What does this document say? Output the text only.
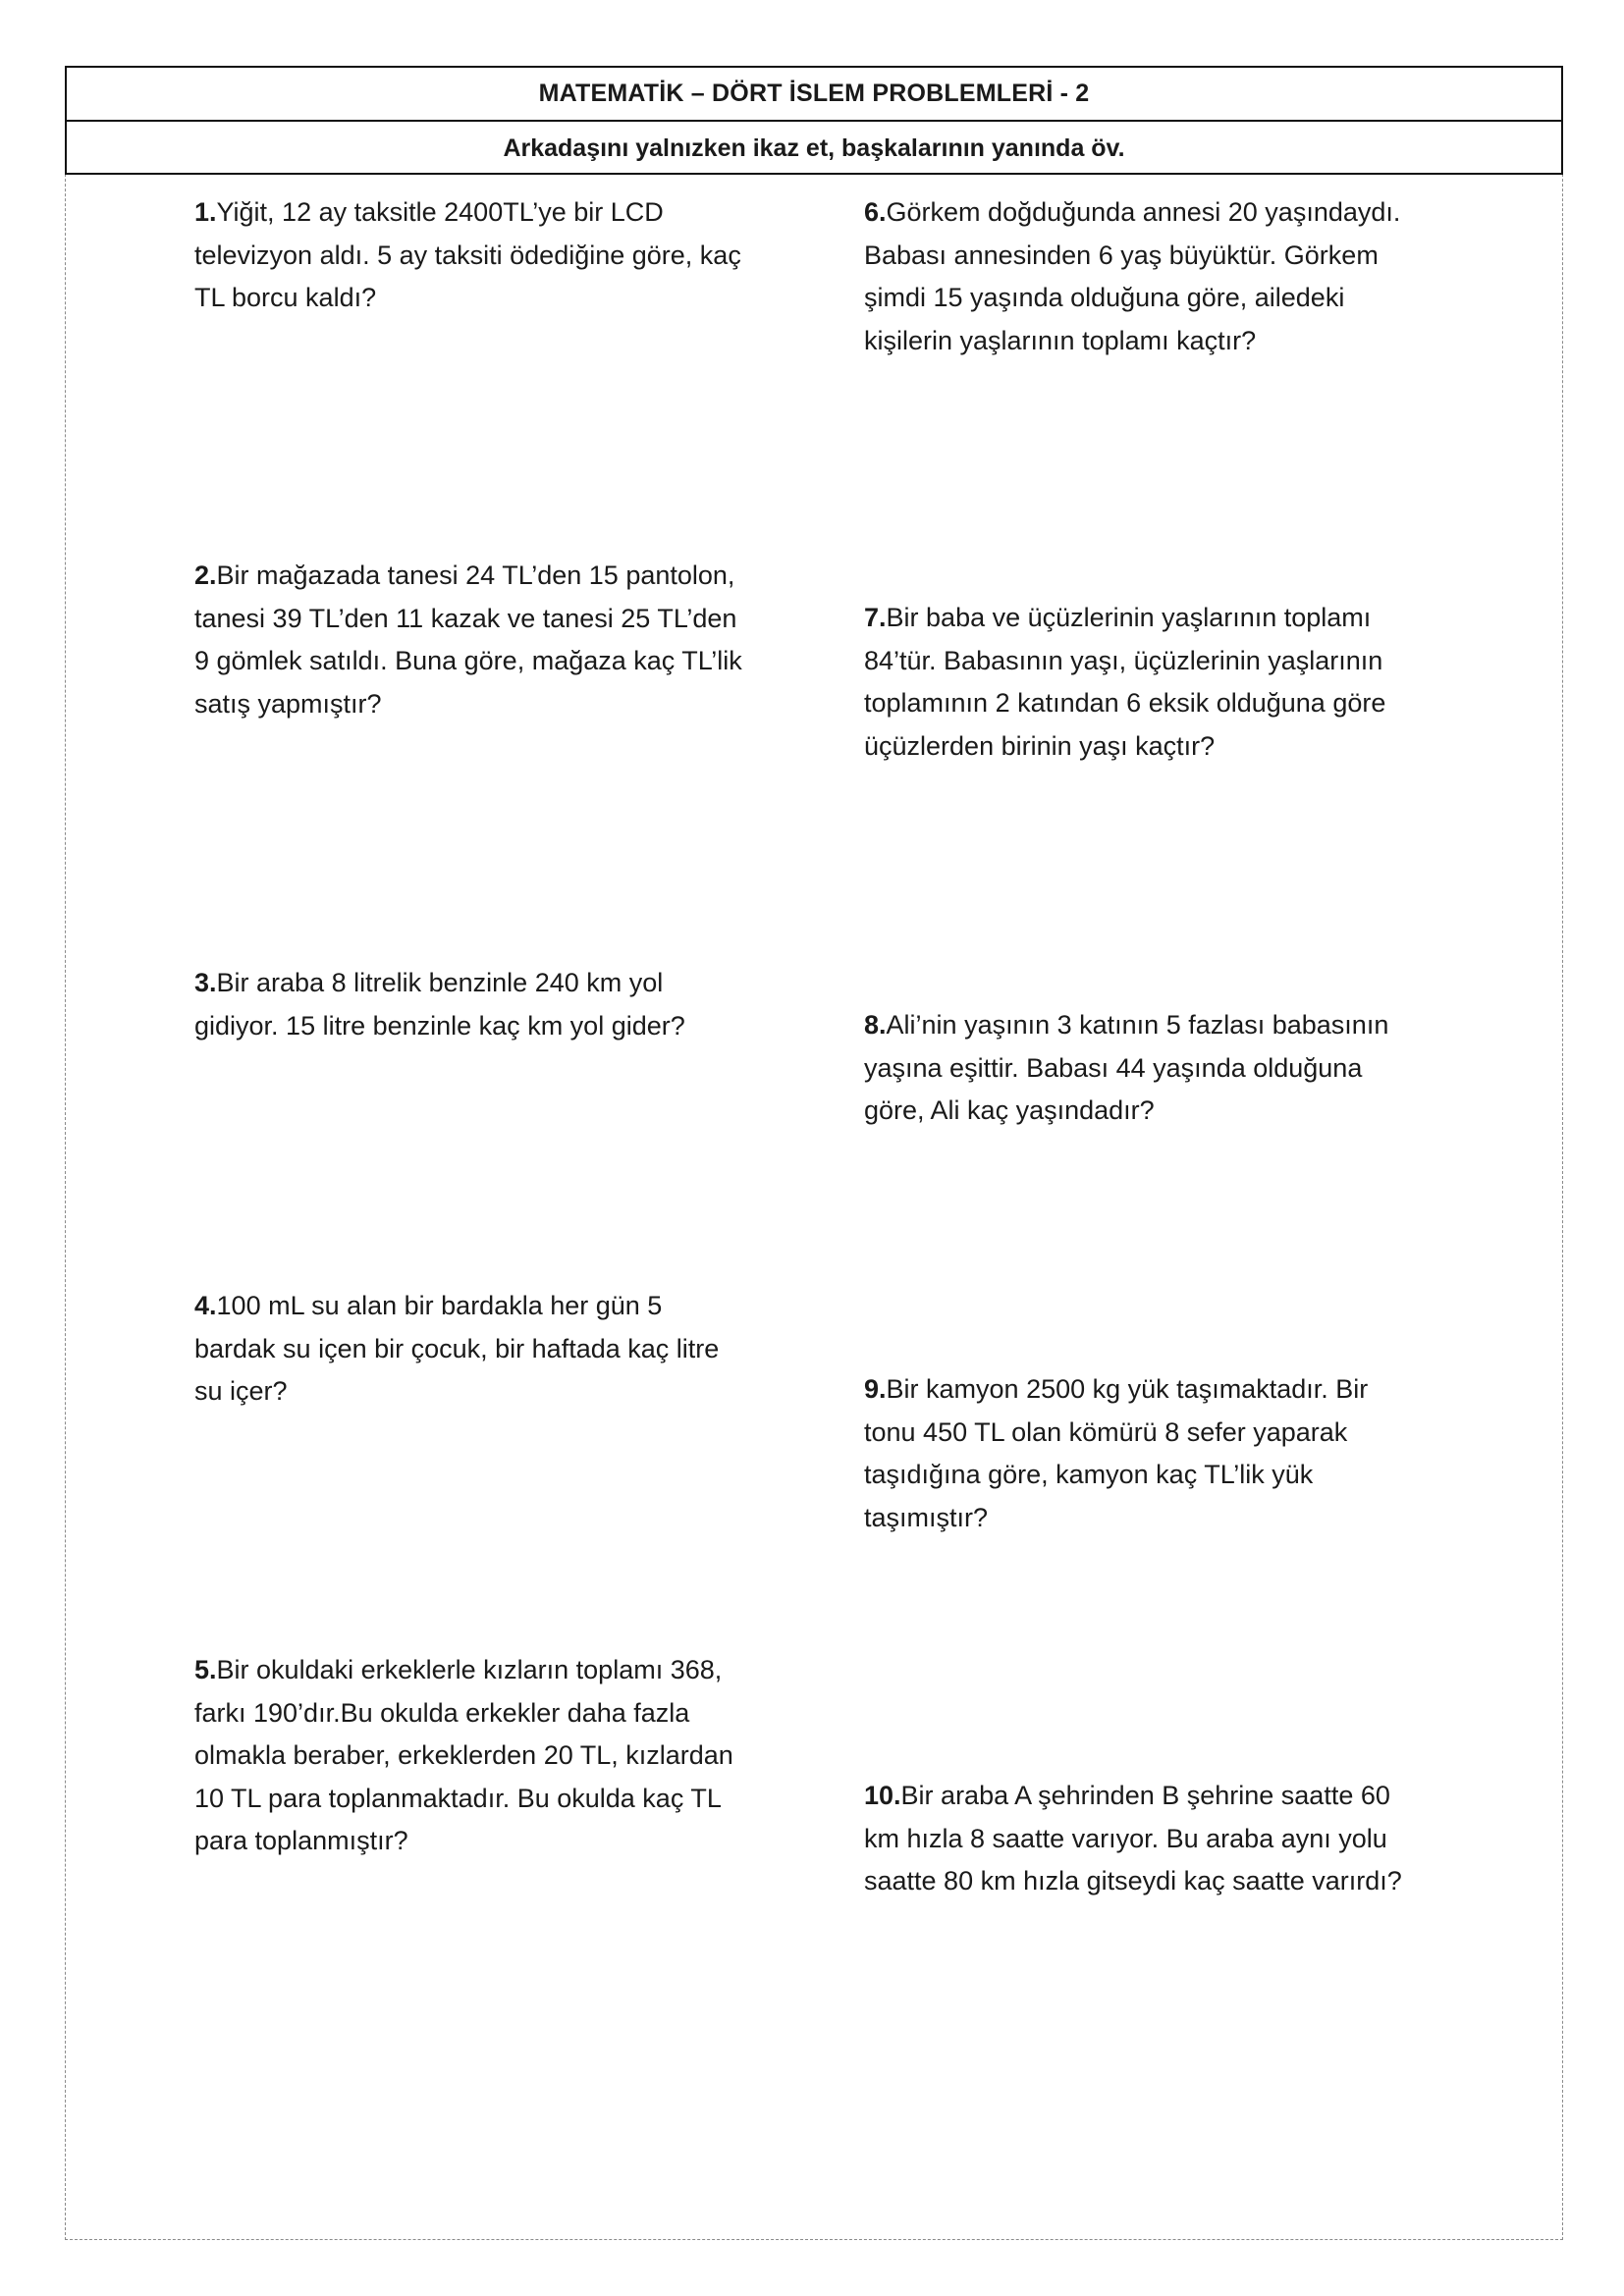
MATEMATİK – DÖRT İSLEM PROBLEMLERİ - 2
Arkadaşını yalnızken ikaz et, başkalarının yanında öv.

1.Yiğit, 12 ay taksitle 2400TL’ye bir LCD

televizyon aldı. 5 ay taksiti ödediğine göre, kaç

TL borcu kaldı?

2.Bir mağazada tanesi 24 TL’den 15 pantolon,

tanesi 39 TL’den 11 kazak ve tanesi 25 TL’den

9 gömlek satıldı. Buna göre, mağaza kaç TL’lik

satış yapmıştır?

3.Bir araba 8 litrelik benzinle 240 km yol

gidiyor. 15 litre benzinle kaç km yol gider?

4.100 mL su alan bir bardakla her gün 5

bardak su içen bir çocuk, bir haftada kaç litre

su içer?

5.Bir okuldaki erkeklerle kızların toplamı 368,

farkı 190’dır.Bu okulda erkekler daha fazla

olmakla beraber, erkeklerden 20 TL, kızlardan

10 TL para toplanmaktadır. Bu okulda kaç TL

para toplanmıştır?

6.Görkem doğduğunda annesi 20 yaşındaydı.

Babası annesinden 6 yaş büyüktür. Görkem

şimdi 15 yaşında olduğuna göre, ailedeki

kişilerin yaşlarının toplamı kaçtır?

7.Bir baba ve üçüzlerinin yaşlarının toplamı

84’tür. Babasının yaşı, üçüzlerinin yaşlarının

toplamının 2 katından 6 eksik olduğuna göre

üçüzlerden birinin yaşı kaçtır?

8.Ali’nin yaşının 3 katının 5 fazlası babasının

yaşına eşittir. Babası 44 yaşında olduğuna

göre, Ali kaç yaşındadır?

9.Bir kamyon 2500 kg yük taşımaktadır. Bir

tonu 450 TL olan kömürü 8 sefer yaparak

taşıdığına göre, kamyon kaç TL’lik yük

taşımıştır?

10.Bir araba A şehrinden B şehrine saatte 60

km hızla 8 saatte varıyor. Bu araba aynı yolu

saatte 80 km hızla gitseydi kaç saatte varırdı?
